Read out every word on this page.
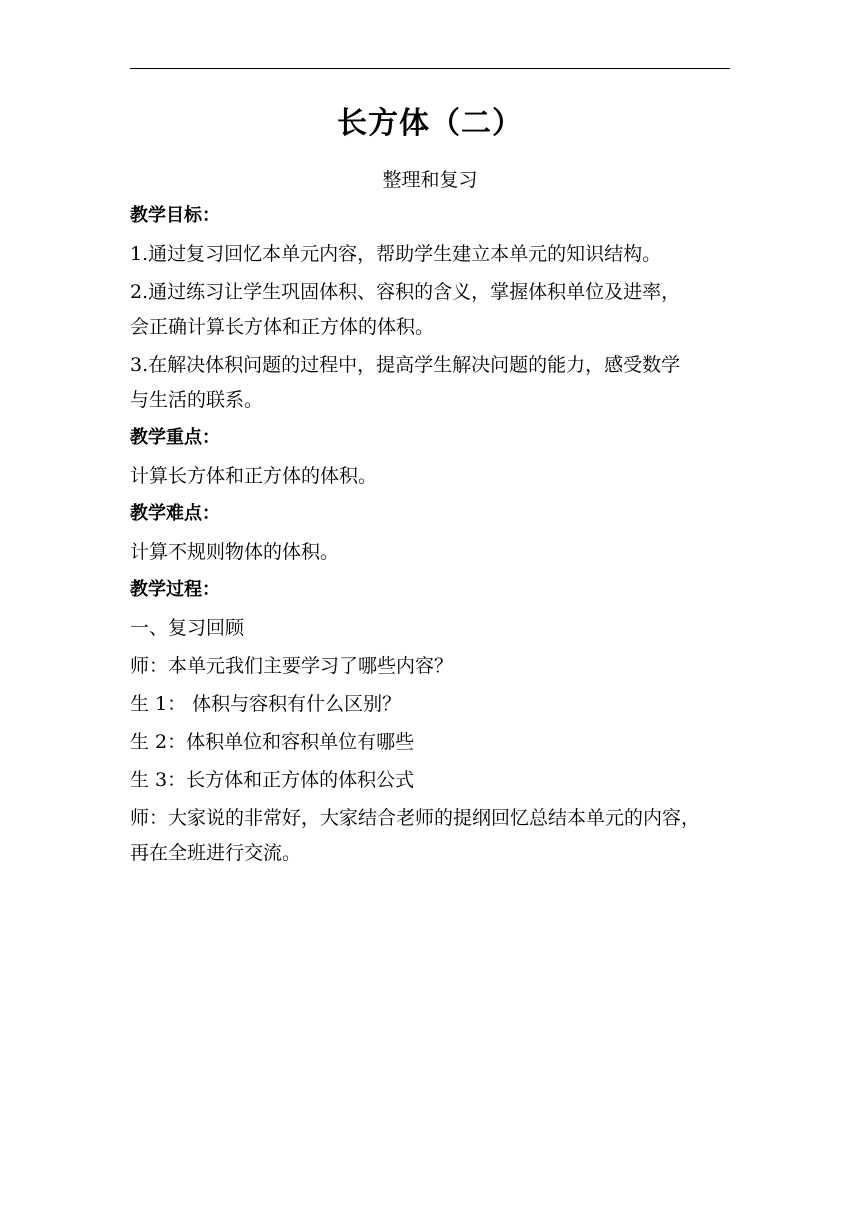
长方体（二）
整理和复习
教学目标：
1.通过复习回忆本单元内容，帮助学生建立本单元的知识结构。
2.通过练习让学生巩固体积、容积的含义，掌握体积单位及进率，
会正确计算长方体和正方体的体积。
3.在解决体积问题的过程中，提高学生解决问题的能力，感受数学
与生活的联系。
教学重点：
计算长方体和正方体的体积。
教学难点：
计算不规则物体的体积。
教学过程：
一、复习回顾
师：本单元我们主要学习了哪些内容？
生 1： 体积与容积有什么区别？
生 2：体积单位和容积单位有哪些
生 3：长方体和正方体的体积公式
师：大家说的非常好，大家结合老师的提纲回忆总结本单元的内容，
再在全班进行交流。
